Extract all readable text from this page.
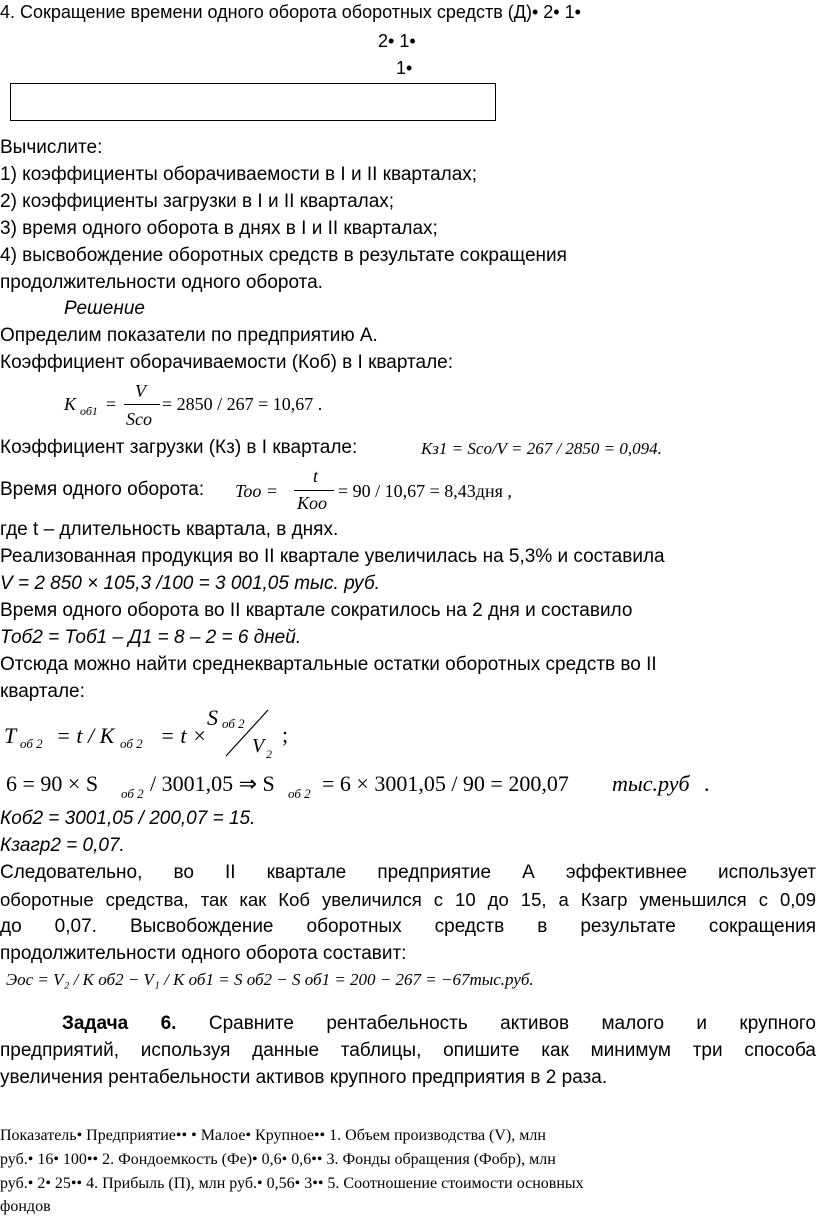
4. Сокращение времени одного оборота оборотных средств (Д)• 2• 1•
2• 1•
1•
Вычислите:
1) коэффициенты оборачиваемости в I и II кварталах;
2) коэффициенты загрузки в I и II кварталах;
3) время одного оборота в днях в I и II кварталах;
4) высвобождение оборотных средств в результате сокращения
продолжительности одного оборота.
Решение
Определим показатели по предприятию А.
Коэффициент оборачиваемости (Коб) в I квартале:
K об1 =
V
Sco
= 2850 / 267 = 10,67 .
Коэффициент загрузки (Кз) в I квартале:	Кз1 = Sco/V = 267 / 2850 = 0,094.
Время одного оборота: Too =
t
Koo
= 90 / 10,67 = 8,43дня ,
где t – длительность квартала, в днях.
Реализованная продукция во II квартале увеличилась на 5,3% и составила
V = 2 850 × 105,3 /100 = 3 001,05 тыс. руб.
Время одного оборота во II квартале сократилось на 2 дня и составило
Тоб2 = Тоб1 – Д1 = 8 – 2 = 6 дней.
Отсюда можно найти среднеквартальные остатки оборотных средств во II
квартале:
T об 2 = t / K об 2 = t ×
S об 2
V 2
;
6 = 90 × S об 2 / 3001,05 ⇒ S об 2 = 6 × 3001,05 / 90 = 200,07 тыс.руб .
Коб2 = 3001,05 / 200,07 = 15.
Кзагр2 = 0,07.
Следовательно, во II квартале предприятие А эффективнее использует
оборотные средства, так как Коб увеличился с 10 до 15, а Кзагр уменьшился с 0,09
до 0,07. Высвобождение оборотных средств в результате сокращения
продолжительности одного оборота составит:
Эос = V₂ / K об2 − V₁ / K об1 = S об2 − S об1 = 200 − 267 = −67тыс.руб.
Задача 6. Сравните рентабельность активов малого и крупного
предприятий, используя данные таблицы, опишите как минимум три способа
увеличения рентабельности активов крупного предприятия в 2 раза.
Показатель• Предприятие•• • Малое• Крупное•• 1. Объем производства (V), млн
руб.• 16• 100•• 2. Фондоемкость (Фе)• 0,6• 0,6•• 3. Фонды обращения (Фобр), млн
руб.• 2• 25•• 4. Прибыль (П), млн руб.• 0,56• 3•• 5. Соотношение стоимости основных
фондов
